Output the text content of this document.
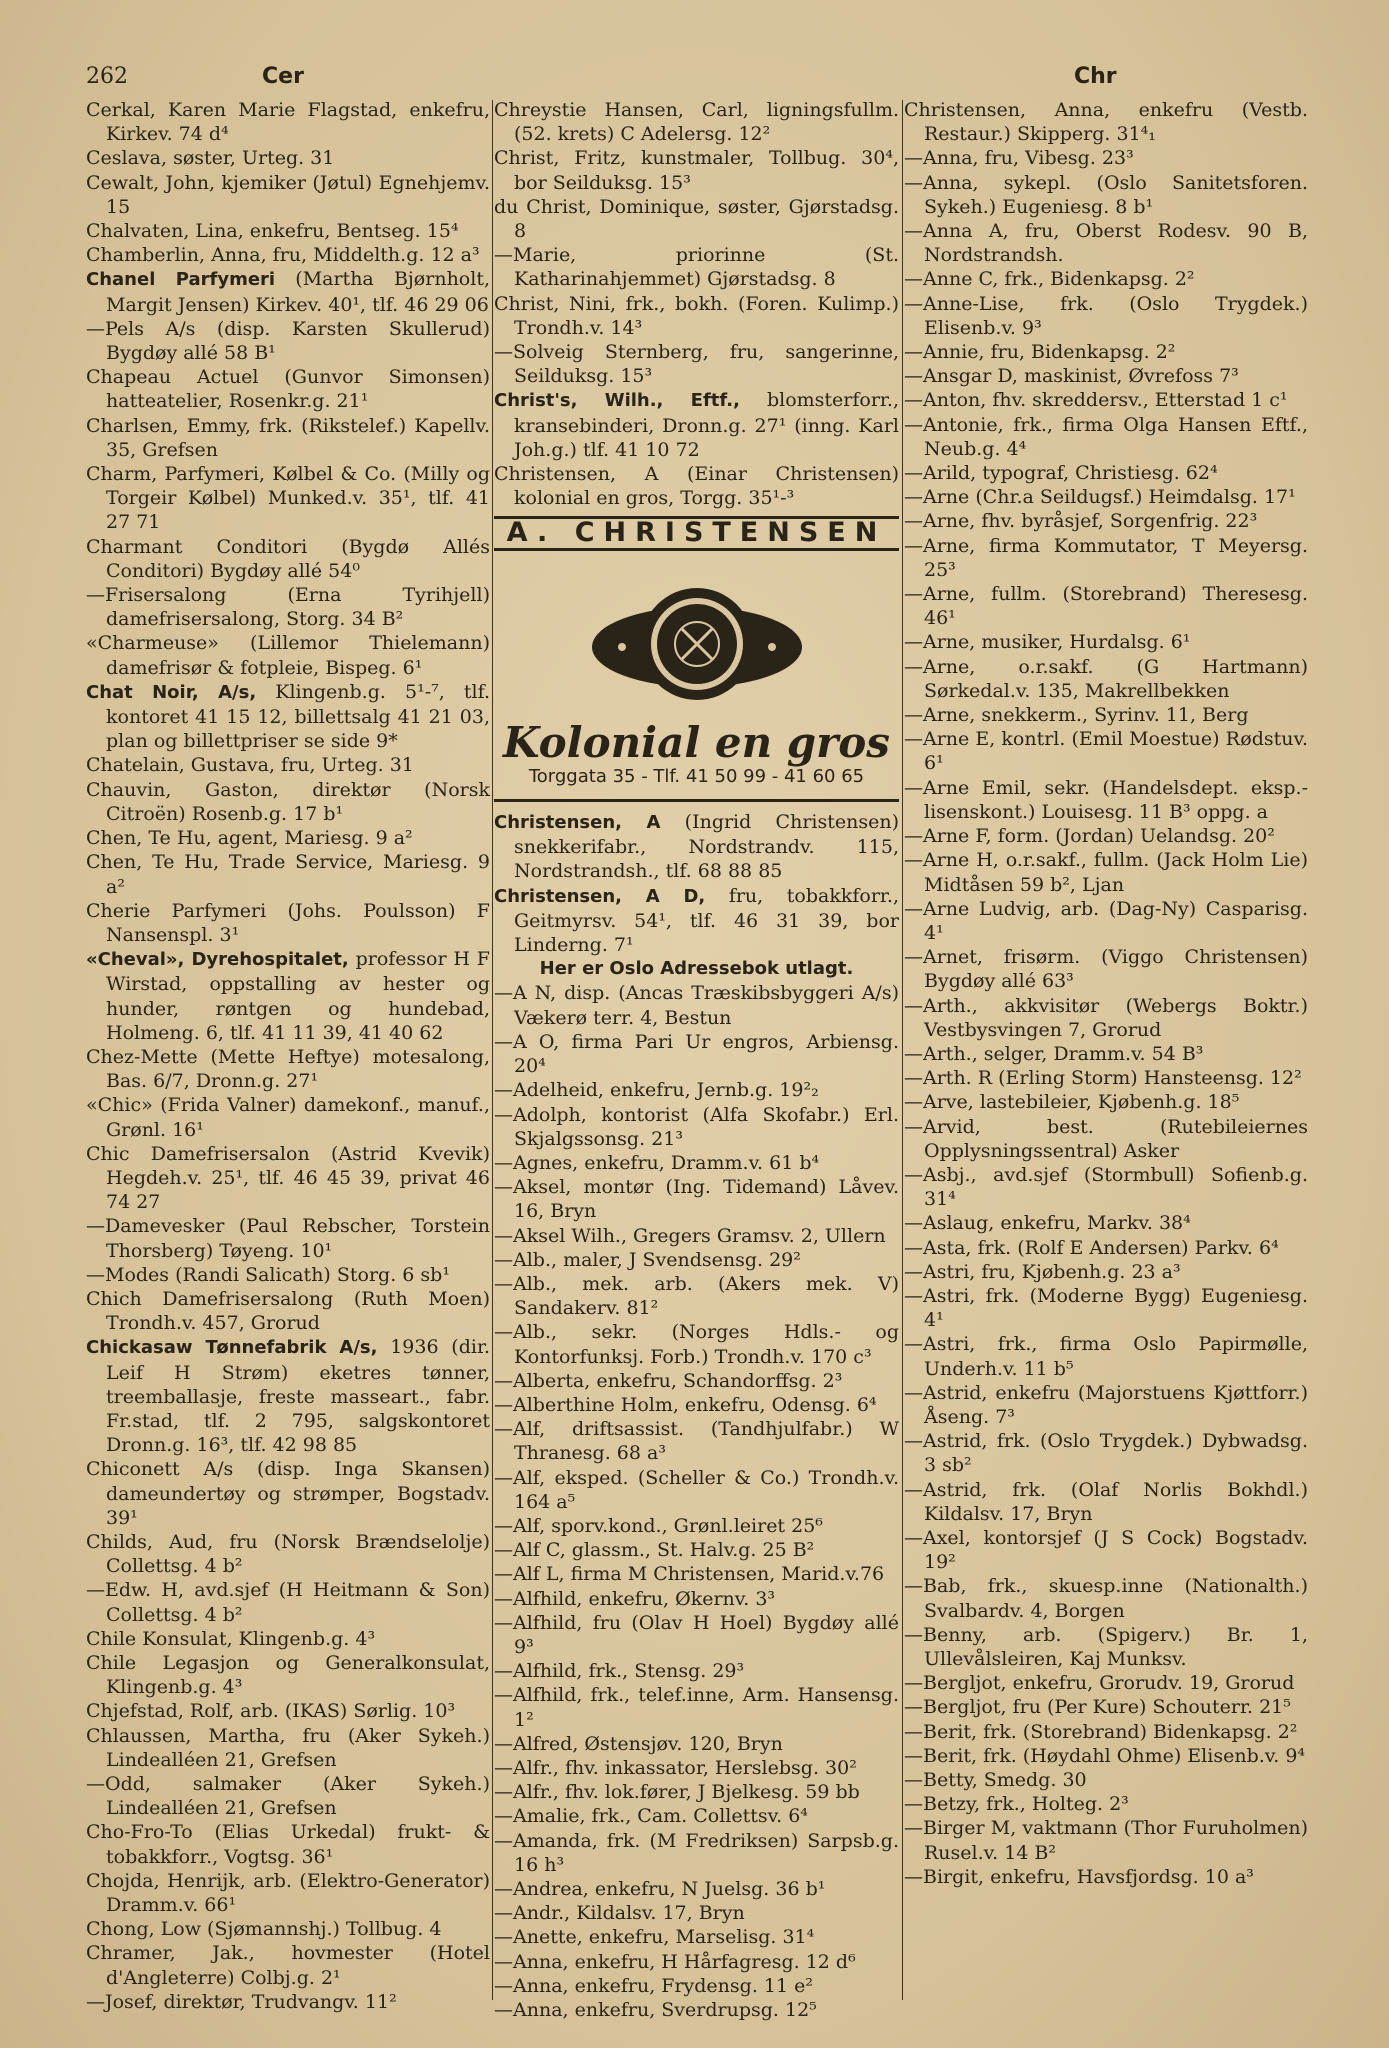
262	Cer	Chr

Cerkal, Karen Marie Flagstad, enkefru, Kirkev. 74 d⁴

Ceslava, søster, Urteg. 31

Cewalt, John, kjemiker (Jøtul) Egnehjemv. 15

Chalvaten, Lina, enkefru, Bentseg. 15⁴

Chamberlin, Anna, fru, Middelth.g. 12 a³

Chanel Parfymeri (Martha Bjørnholt, Margit Jensen) Kirkev. 40¹, tlf. 46 29 06

—Pels A/s (disp. Karsten Skullerud) Bygdøy allé 58 B¹

Chapeau Actuel (Gunvor Simonsen) hatteatelier, Rosenkr.g. 21¹

Charlsen, Emmy, frk. (Rikstelef.) Kapellv. 35, Grefsen

Charm, Parfymeri, Kølbel & Co. (Milly og Torgeir Kølbel) Munked.v. 35¹, tlf. 41 27 71

Charmant Conditori (Bygdø Allés Conditori) Bygdøy allé 54⁰

—Frisersalong (Erna Tyrihjell) damefrisersalong, Storg. 34 B²

«Charmeuse» (Lillemor Thielemann) damefrisør & fotpleie, Bispeg. 6¹

Chat Noir, A/s, Klingenb.g. 5¹-⁷, tlf. kontoret 41 15 12, billettsalg 41 21 03, plan og billettpriser se side 9*

Chatelain, Gustava, fru, Urteg. 31

Chauvin, Gaston, direktør (Norsk Citroën) Rosenb.g. 17 b¹

Chen, Te Hu, agent, Mariesg. 9 a²

Chen, Te Hu, Trade Service, Mariesg. 9 a²

Cherie Parfymeri (Johs. Poulsson) F Nansenspl. 3¹

«Cheval», Dyrehospitalet, professor H F Wirstad, oppstalling av hester og hunder, røntgen og hundebad, Holmeng. 6, tlf. 41 11 39, 41 40 62

Chez-Mette (Mette Heftye) motesalong, Bas. 6/7, Dronn.g. 27¹

«Chic» (Frida Valner) damekonf., manuf., Grønl. 16¹

Chic Damefrisersalon (Astrid Kvevik) Hegdeh.v. 25¹, tlf. 46 45 39, privat 46 74 27

—Damevesker (Paul Rebscher, Torstein Thorsberg) Tøyeng. 10¹

—Modes (Randi Salicath) Storg. 6 sb¹

Chich Damefrisersalong (Ruth Moen) Trondh.v. 457, Grorud

Chickasaw Tønnefabrik A/s, 1936 (dir. Leif H Strøm) eketres tønner, treemballasje, freste masseart., fabr. Fr.stad, tlf. 2 795, salgskontoret Dronn.g. 16³, tlf. 42 98 85

Chiconett A/s (disp. Inga Skansen) dameundertøy og strømper, Bogstadv. 39¹

Childs, Aud, fru (Norsk Brændselolje) Collettsg. 4 b²

—Edw. H, avd.sjef (H Heitmann & Son) Collettsg. 4 b²

Chile Konsulat, Klingenb.g. 4³

Chile Legasjon og Generalkonsulat, Klingenb.g. 4³

Chjefstad, Rolf, arb. (IKAS) Sørlig. 10³

Chlaussen, Martha, fru (Aker Sykeh.) Lindealléen 21, Grefsen

—Odd, salmaker (Aker Sykeh.) Lindealléen 21, Grefsen

Cho-Fro-To (Elias Urkedal) frukt- & tobakkforr., Vogtsg. 36¹

Chojda, Henrijk, arb. (Elektro-Generator) Dramm.v. 66¹

Chong, Low (Sjømannshj.) Tollbug. 4

Chramer, Jak., hovmester (Hotel d'Angleterre) Colbj.g. 2¹

—Josef, direktør, Trudvangv. 11²

Chreystie Hansen, Carl, ligningsfullm. (52. krets) C Adelersg. 12²

Christ, Fritz, kunstmaler, Tollbug. 30⁴, bor Seilduksg. 15³

du Christ, Dominique, søster, Gjørstadsg. 8

—Marie, priorinne (St. Katharinahjemmet) Gjørstadsg. 8

Christ, Nini, frk., bokh. (Foren. Kulimp.) Trondh.v. 14³

—Solveig Sternberg, fru, sangerinne, Seilduksg. 15³

Christ's, Wilh., Eftf., blomsterforr., kransebinderi, Dronn.g. 27¹ (inng. Karl Joh.g.) tlf. 41 10 72

Christensen, A (Einar Christensen) kolonial en gros, Torgg. 35¹-³

A. CHRISTENSEN
Kolonial en gros
Torggata 35 - Tlf. 41 50 99 - 41 60 65

Christensen, A (Ingrid Christensen) snekkerifabr., Nordstrandv. 115, Nordstrandsh., tlf. 68 88 85

Christensen, A D, fru, tobakkforr., Geitmyrsv. 54¹, tlf. 46 31 39, bor Linderng. 7¹

Her er Oslo Adressebok utlagt.

—A N, disp. (Ancas Træskibsbyggeri A/s) Vækerø terr. 4, Bestun

—A O, firma Pari Ur engros, Arbiensg. 20⁴

—Adelheid, enkefru, Jernb.g. 19²₂

—Adolph, kontorist (Alfa Skofabr.) Erl. Skjalgssonsg. 21³

—Agnes, enkefru, Dramm.v. 61 b⁴

—Aksel, montør (Ing. Tidemand) Låvev. 16, Bryn

—Aksel Wilh., Gregers Gramsv. 2, Ullern

—Alb., maler, J Svendsensg. 29²

—Alb., mek. arb. (Akers mek. V) Sandakerv. 81²

—Alb., sekr. (Norges Hdls.- og Kontorfunksj. Forb.) Trondh.v. 170 c³

—Alberta, enkefru, Schandorffsg. 2³

—Alberthine Holm, enkefru, Odensg. 6⁴

—Alf, driftsassist. (Tandhjulfabr.) W Thranesg. 68 a³

—Alf, eksped. (Scheller & Co.) Trondh.v. 164 a⁵

—Alf, sporv.kond., Grønl.leiret 25⁶

—Alf C, glassm., St. Halv.g. 25 B²

—Alf L, firma M Christensen, Marid.v.76

—Alfhild, enkefru, Økernv. 3³

—Alfhild, fru (Olav H Hoel) Bygdøy allé 9³

—Alfhild, frk., Stensg. 29³

—Alfhild, frk., telef.inne, Arm. Hansensg. 1²

—Alfred, Østensjøv. 120, Bryn

—Alfr., fhv. inkassator, Herslebsg. 30²

—Alfr., fhv. lok.fører, J Bjelkesg. 59 bb

—Amalie, frk., Cam. Collettsv. 6⁴

—Amanda, frk. (M Fredriksen) Sarpsb.g. 16 h³

—Andrea, enkefru, N Juelsg. 36 b¹

—Andr., Kildalsv. 17, Bryn

—Anette, enkefru, Marselisg. 31⁴

—Anna, enkefru, H Hårfagresg. 12 d⁶

—Anna, enkefru, Frydensg. 11 e²

—Anna, enkefru, Sverdrupsg. 12⁵

Christensen, Anna, enkefru (Vestb. Restaur.) Skipperg. 31⁴₁

—Anna, fru, Vibesg. 23³

—Anna, sykepl. (Oslo Sanitetsforen. Sykeh.) Eugeniesg. 8 b¹

—Anna A, fru, Oberst Rodesv. 90 B, Nordstrandsh.

—Anne C, frk., Bidenkapsg. 2²

—Anne-Lise, frk. (Oslo Trygdek.) Elisenb.v. 9³

—Annie, fru, Bidenkapsg. 2²

—Ansgar D, maskinist, Øvrefoss 7³

—Anton, fhv. skreddersv., Etterstad 1 c¹

—Antonie, frk., firma Olga Hansen Eftf., Neub.g. 4⁴

—Arild, typograf, Christiesg. 62⁴

—Arne (Chr.a Seildugsf.) Heimdalsg. 17¹

—Arne, fhv. byråsjef, Sorgenfrig. 22³

—Arne, firma Kommutator, T Meyersg. 25³

—Arne, fullm. (Storebrand) Theresesg. 46¹

—Arne, musiker, Hurdalsg. 6¹

—Arne, o.r.sakf. (G Hartmann) Sørkedal.v. 135, Makrellbekken

—Arne, snekkerm., Syrinv. 11, Berg

—Arne E, kontrl. (Emil Moestue) Rødstuv. 6¹

—Arne Emil, sekr. (Handelsdept. eksp.-lisenskont.) Louisesg. 11 B³ oppg. a

—Arne F, form. (Jordan) Uelandsg. 20²

—Arne H, o.r.sakf., fullm. (Jack Holm Lie) Midtåsen 59 b², Ljan

—Arne Ludvig, arb. (Dag-Ny) Casparisg. 4¹

—Arnet, frisørm. (Viggo Christensen) Bygdøy allé 63³

—Arth., akkvisitør (Webergs Boktr.) Vestbysvingen 7, Grorud

—Arth., selger, Dramm.v. 54 B³

—Arth. R (Erling Storm) Hansteensg. 12²

—Arve, lastebileier, Kjøbenh.g. 18⁵

—Arvid, best. (Rutebileiernes Opplysningssentral) Asker

—Asbj., avd.sjef (Stormbull) Sofienb.g. 31⁴

—Aslaug, enkefru, Markv. 38⁴

—Asta, frk. (Rolf E Andersen) Parkv. 6⁴

—Astri, fru, Kjøbenh.g. 23 a³

—Astri, frk. (Moderne Bygg) Eugeniesg. 4¹

—Astri, frk., firma Oslo Papirmølle, Underh.v. 11 b⁵

—Astrid, enkefru (Majorstuens Kjøttforr.) Åseng. 7³

—Astrid, frk. (Oslo Trygdek.) Dybwadsg. 3 sb²

—Astrid, frk. (Olaf Norlis Bokhdl.) Kildalsv. 17, Bryn

—Axel, kontorsjef (J S Cock) Bogstadv. 19²

—Bab, frk., skuesp.inne (Nationalth.) Svalbardv. 4, Borgen

—Benny, arb. (Spigerv.) Br. 1, Ullevålsleiren, Kaj Munksv.

—Bergljot, enkefru, Grorudv. 19, Grorud

—Bergljot, fru (Per Kure) Schouterr. 21⁵

—Berit, frk. (Storebrand) Bidenkapsg. 2²

—Berit, frk. (Høydahl Ohme) Elisenb.v. 9⁴

—Betty, Smedg. 30

—Betzy, frk., Holteg. 2³

—Birger M, vaktmann (Thor Furuholmen) Rusel.v. 14 B²

—Birgit, enkefru, Havsfjordsg. 10 a³
